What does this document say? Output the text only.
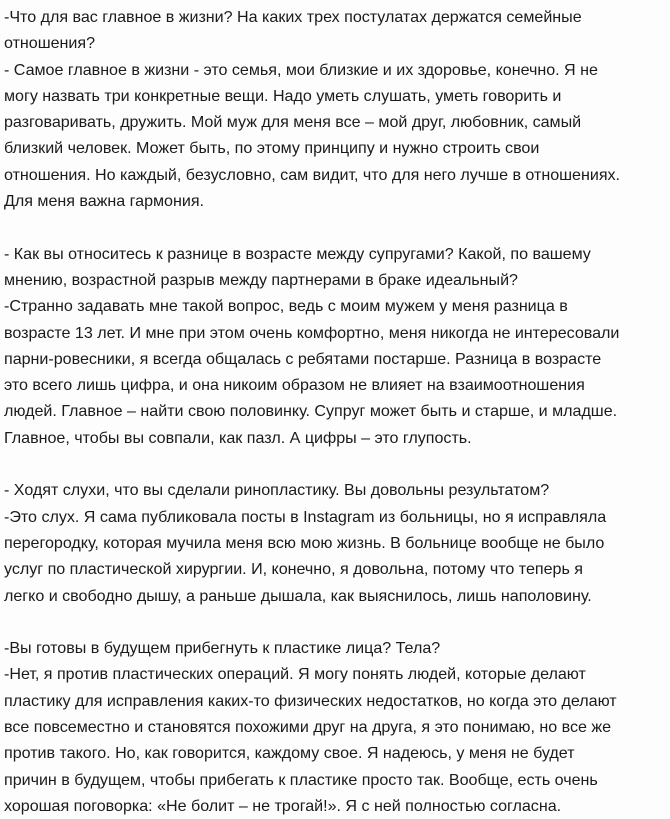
-Что для вас главное в жизни? На каких трех постулатах держатся семейные
отношения?

- Самое главное в жизни - это семья, мои близкие и их здоровье, конечно. Я не
могу назвать три конкретные вещи. Надо уметь слушать, уметь говорить и
разговаривать, дружить. Мой муж для меня все – мой друг, любовник, самый
близкий человек. Может быть, по этому принципу и нужно строить свои
отношения. Но каждый, безусловно, сам видит, что для него лучше в отношениях.
Для меня важна гармония.

- Как вы относитесь к разнице в возрасте между супругами? Какой, по вашему
мнению, возрастной разрыв между партнерами в браке идеальный?

-Странно задавать мне такой вопрос, ведь с моим мужем у меня разница в
возрасте 13 лет. И мне при этом очень комфортно, меня никогда не интересовали
парни-ровесники, я всегда общалась с ребятами постарше. Разница в возрасте
это всего лишь цифра, и она никоим образом не влияет на взаимоотношения
людей. Главное – найти свою половинку. Супруг может быть и старше, и младше.
Главное, чтобы вы совпали, как пазл. А цифры – это глупость.

- Ходят слухи, что вы сделали ринопластику. Вы довольны результатом?

-Это слух. Я сама публиковала посты в Instagram из больницы, но я исправляла
перегородку, которая мучила меня всю мою жизнь. В больнице вообще не было
услуг по пластической хирургии. И, конечно, я довольна, потому что теперь я
легко и свободно дышу, а раньше дышала, как выяснилось, лишь наполовину.

-Вы готовы в будущем прибегнуть к пластике лица? Тела?

-Нет, я против пластических операций. Я могу понять людей, которые делают
пластику для исправления каких-то физических недостатков, но когда это делают
все повсеместно и становятся похожими друг на друга, я это понимаю, но все же
против такого. Но, как говорится, каждому свое. Я надеюсь, у меня не будет
причин в будущем, чтобы прибегать к пластике просто так. Вообще, есть очень
хорошая поговорка: «Не болит – не трогай!». Я с ней полностью согласна.
